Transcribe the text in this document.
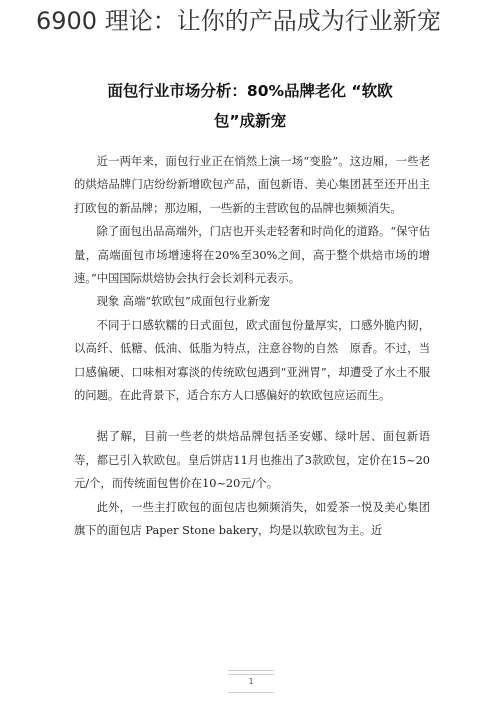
6900 理论：让你的产品成为行业新宠
面包行业市场分析：80%品牌老化 “软欧
包”成新宠

近一两年来，面包行业正在悄然上演一场“变脸”。这边厢，一些老的烘焙品牌门店纷纷新增欧包产品，面包新语、美心集团甚至还开出主打欧包的新品牌；那边厢，一些新的主营欧包的品牌也频频消失。

除了面包出品高端外，门店也开头走轻奢和时尚化的道路。“保守估量，高端面包市场增速将在20%至30%之间，高于整个烘焙市场的增速。”中国国际烘焙协会执行会长刘科元表示。

现象 高端“软欧包”成面包行业新宠

不同于口感软糯的日式面包，欧式面包份量厚实，口感外脆内韧，以高纤、低糖、低油、低脂为特点，注意谷物的自然　原香。不过，当口感偏硬、口味相对寡淡的传统欧包遇到“亚洲胃”，却遭受了水土不服的问题。在此背景下，适合东方人口感偏好的软欧包应运而生。

据了解，目前一些老的烘焙品牌包括圣安娜、绿叶居、面包新语等，都已引入软欧包。皇后饼店11月也推出了3款欧包，定价在15~20元/个，而传统面包售价在10~20元/个。

此外，一些主打欧包的面包店也频频消失，如爱茶一悦及美心集团旗下的面包店 Paper Stone bakery，均是以软欧包为主。近

1
